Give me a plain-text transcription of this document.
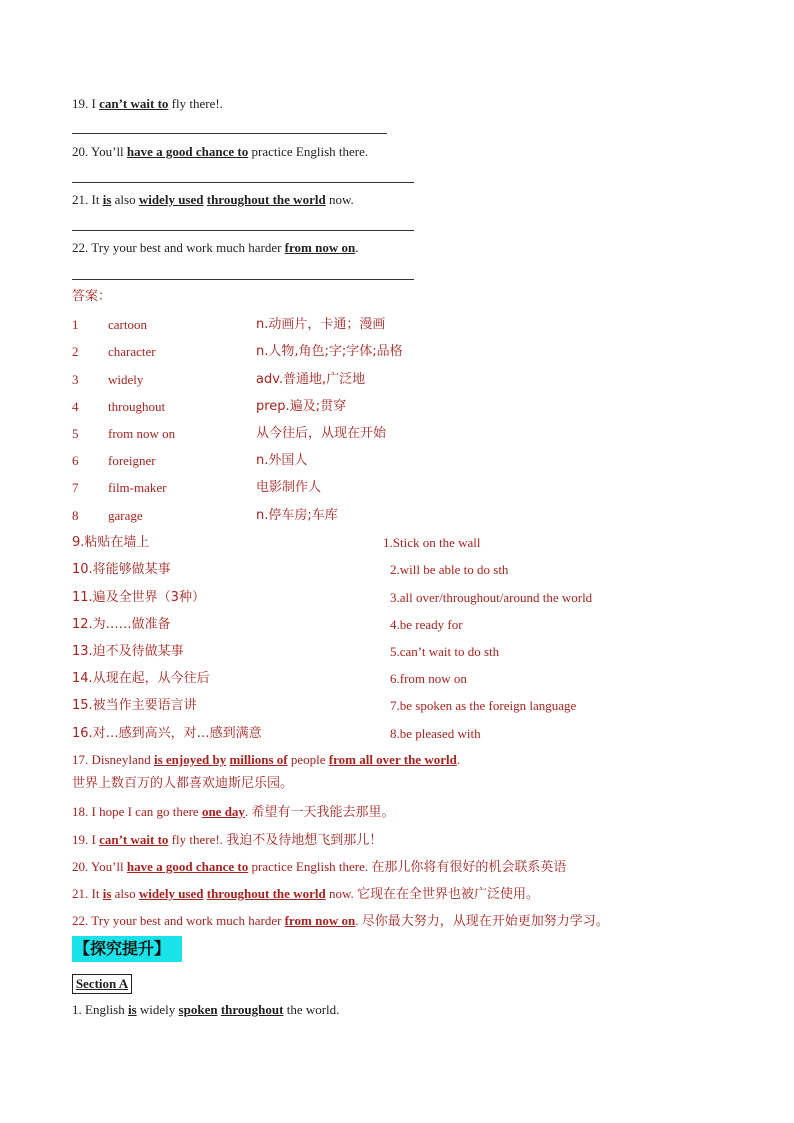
19. I can’t wait to fly there!.
20. You’ll have a good chance to practice English there.
21. It is also widely used throughout the world now.
22. Try your best and work much harder from now on.
答案：
1 cartoon	n.动画片，卡通；漫画
2 character	n.人物,角色;字;字体;品格
3 widely	adv.普通地,广泛地
4 throughout	prep.遍及;贯穿
5 from now on	从今往后，从现在开始
6 foreigner	n.外国人
7 film-maker	电影制作人
8 garage	n.停车房;车库
9.粘贴在墙上	1.Stick on the wall
10.将能够做某事	2.will be able to do sth
11.遍及全世界（3种）	3.all over/throughout/around the world
12.为……做准备	4.be ready for
13.迫不及待做某事	5.can’t wait to do sth
14.从现在起，从今往后	6.from now on
15.被当作主要语言讲	7.be spoken as the foreign language
16.对…感到高兴，对…感到满意	8.be pleased with
17. Disneyland is enjoyed by millions of people from all over the world.
世界上数百万的人都喜欢迪斯尼乐园。
18. I hope I can go there one day. 希望有一天我能去那里。
19. I can’t wait to fly there!. 我迫不及待地想飞到那儿！
20. You’ll have a good chance to practice English there. 在那儿你将有很好的机会联系英语
21. It is also widely used throughout the world now. 它现在在全世界也被广泛使用。
22. Try your best and work much harder from now on. 尽你最大努力，从现在开始更加努力学习。
【探究提升】
Section A
1. English is widely spoken throughout the world.
